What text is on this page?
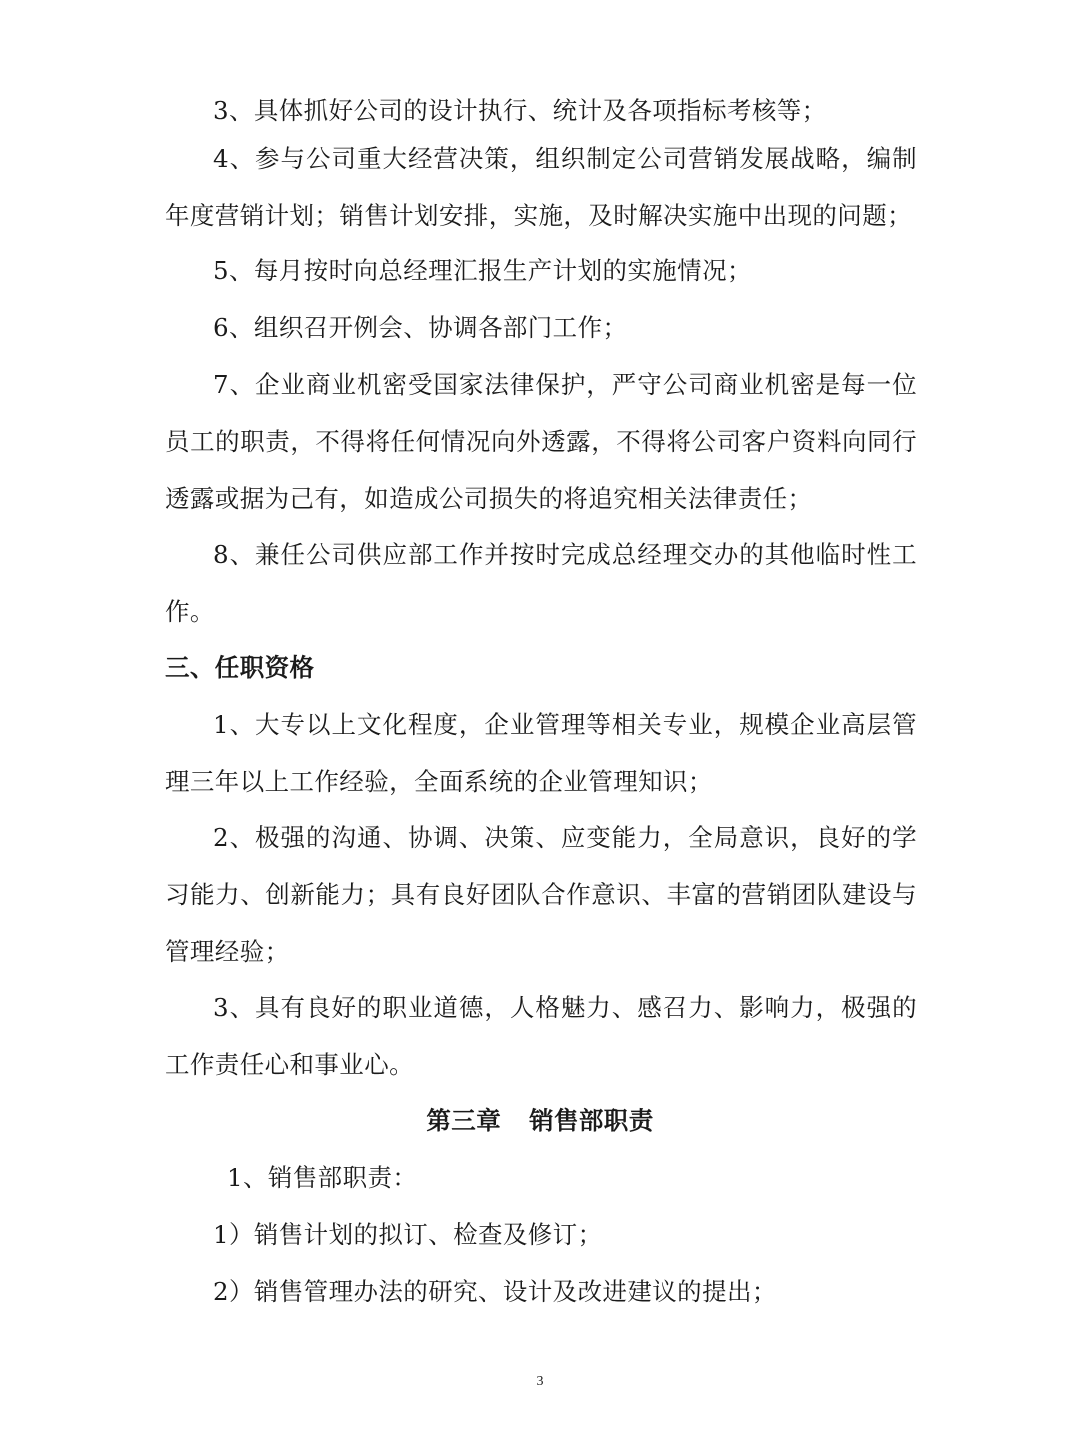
3、具体抓好公司的设计执行、统计及各项指标考核等；

4、参与公司重大经营决策，组织制定公司营销发展战略，编制年度营销计划；销售计划安排，实施，及时解决实施中出现的问题；

5、每月按时向总经理汇报生产计划的实施情况；

6、组织召开例会、协调各部门工作；

7、企业商业机密受国家法律保护，严守公司商业机密是每一位员工的职责，不得将任何情况向外透露，不得将公司客户资料向同行透露或据为己有，如造成公司损失的将追究相关法律责任；

8、兼任公司供应部工作并按时完成总经理交办的其他临时性工作。

三、任职资格

1、大专以上文化程度，企业管理等相关专业，规模企业高层管理三年以上工作经验，全面系统的企业管理知识；

2、极强的沟通、协调、决策、应变能力，全局意识，良好的学习能力、创新能力；具有良好团队合作意识、丰富的营销团队建设与管理经验；

3、具有良好的职业道德，人格魅力、感召力、影响力，极强的工作责任心和事业心。

第三章 销售部职责

1、销售部职责：

1）销售计划的拟订、检查及修订；

2）销售管理办法的研究、设计及改进建议的提出；

3
